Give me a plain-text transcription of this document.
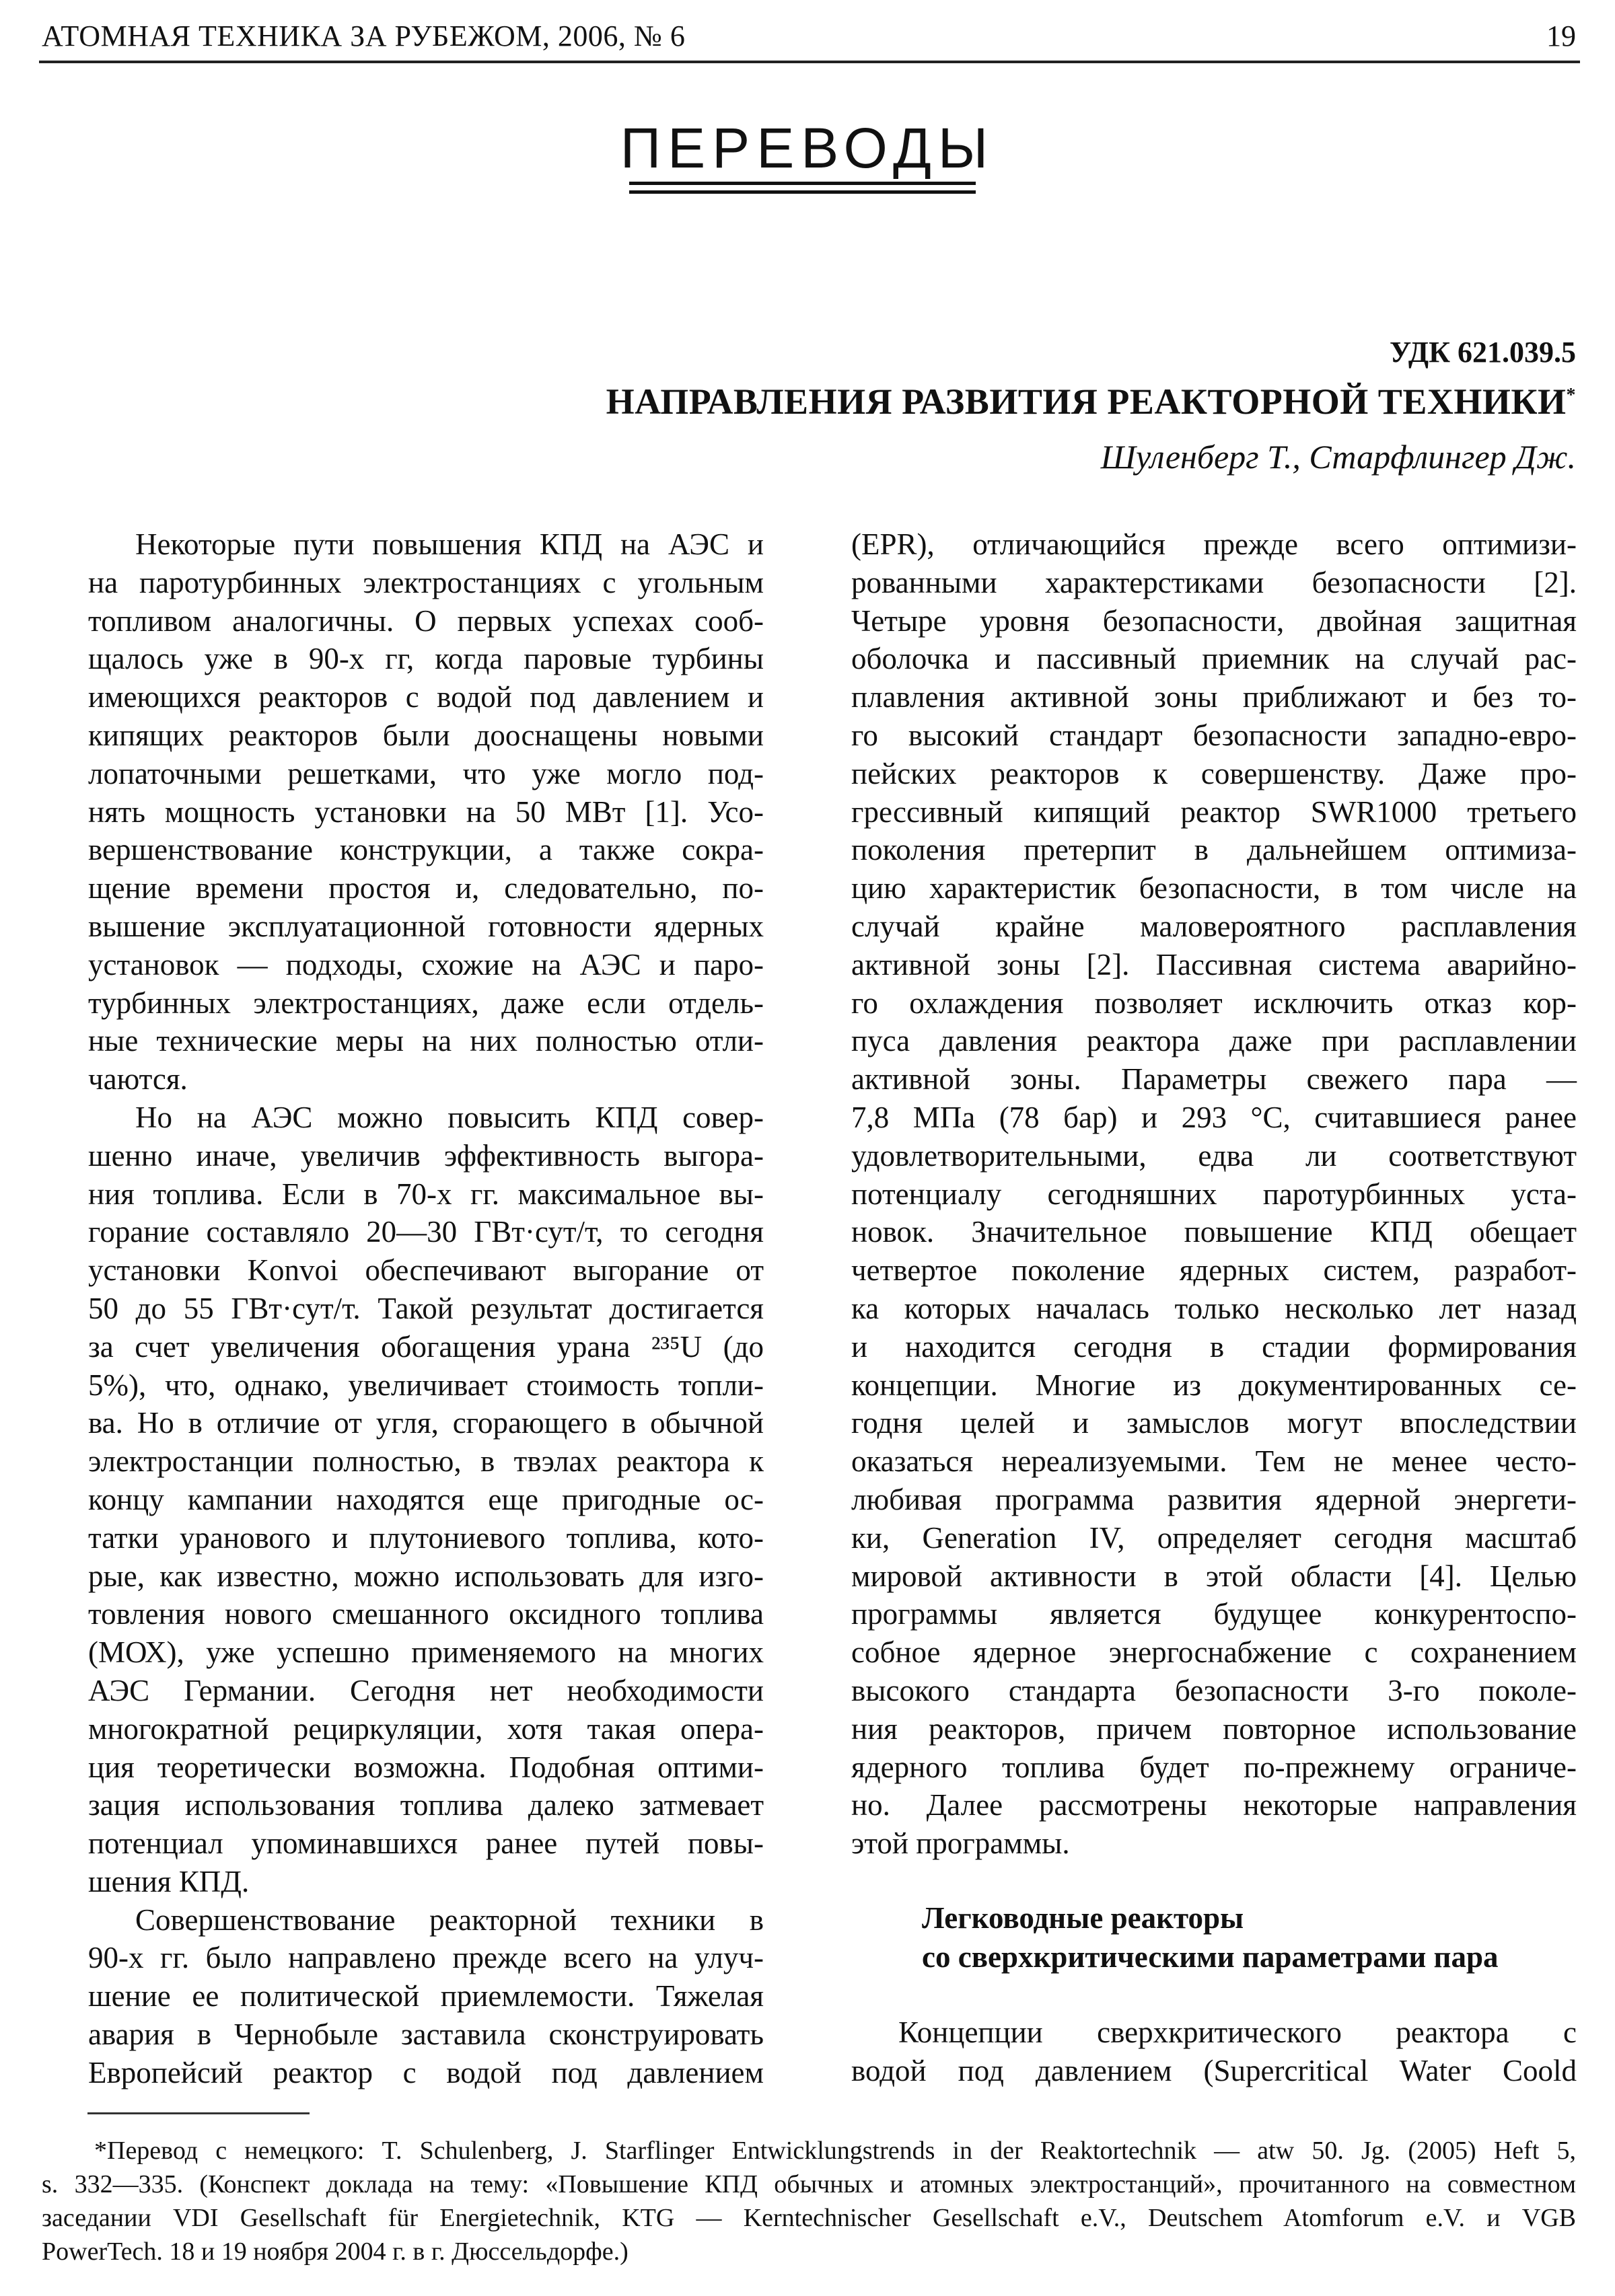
АТОМНАЯ ТЕХНИКА ЗА РУБЕЖОМ, 2006, № 6	19
ПЕРЕВОДЫ
УДК 621.039.5
НАПРАВЛЕНИЯ РАЗВИТИЯ РЕАКТОРНОЙ ТЕХНИКИ*
Шуленберг Т., Старфлингер Дж.
Некоторые пути повышения КПД на АЭС и
на паротурбинных электростанциях с угольным
топливом аналогичны. О первых успехах сооб-
щалось уже в 90-х гг, когда паровые турбины
имеющихся реакторов с водой под давлением и
кипящих реакторов были дооснащены новыми
лопаточными решетками, что уже могло под-
нять мощность установки на 50 МВт [1]. Усо-
вершенствование конструкции, а также сокра-
щение времени простоя и, следовательно, по-
вышение эксплуатационной готовности ядерных
установок — подходы, схожие на АЭС и паро-
турбинных электростанциях, даже если отдель-
ные технические меры на них полностью отли-
чаются.
Но на АЭС можно повысить КПД совер-
шенно иначе, увеличив эффективность выгора-
ния топлива. Если в 70-х гг. максимальное вы-
горание составляло 20—30 ГВт·сут/т, то сегодня
установки Konvoi обеспечивают выгорание от
50 до 55 ГВт·сут/т. Такой результат достигается
за счет увеличения обогащения урана ²³⁵U (до
5%), что, однако, увеличивает стоимость топли-
ва. Но в отличие от угля, сгорающего в обычной
электростанции полностью, в твэлах реактора к
концу кампании находятся еще пригодные ос-
татки уранового и плутониевого топлива, кото-
рые, как известно, можно использовать для изго-
товления нового смешанного оксидного топлива
(МОХ), уже успешно применяемого на многих
АЭС Германии. Сегодня нет необходимости
многократной рециркуляции, хотя такая опера-
ция теоретически возможна. Подобная оптими-
зация использования топлива далеко затмевает
потенциал упоминавшихся ранее путей повы-
шения КПД.
Совершенствование реакторной техники в
90-х гг. было направлено прежде всего на улуч-
шение ее политической приемлемости. Тяжелая
авария в Чернобыле заставила сконструировать
Европейсий реактор с водой под давлением
(EPR), отличающийся прежде всего оптимизи-
рованными характерстиками безопасности [2].
Четыре уровня безопасности, двойная защитная
оболочка и пассивный приемник на случай рас-
плавления активной зоны приближают и без то-
го высокий стандарт безопасности западно-евро-
пейских реакторов к совершенству. Даже про-
грессивный кипящий реактор SWR1000 третьего
поколения претерпит в дальнейшем оптимиза-
цию характеристик безопасности, в том числе на
случай крайне маловероятного расплавления
активной зоны [2]. Пассивная система аварийно-
го охлаждения позволяет исключить отказ кор-
пуса давления реактора даже при расплавлении
активной зоны. Параметры свежего пара —
7,8 МПа (78 бар) и 293 °С, считавшиеся ранее
удовлетворительными, едва ли соответствуют
потенциалу сегодняшних паротурбинных уста-
новок. Значительное повышение КПД обещает
четвертое поколение ядерных систем, разработ-
ка которых началась только несколько лет назад
и находится сегодня в стадии формирования
концепции. Многие из документированных се-
годня целей и замыслов могут впоследствии
оказаться нереализуемыми. Тем не менее често-
любивая программа развития ядерной энергети-
ки, Generation IV, определяет сегодня масштаб
мировой активности в этой области [4]. Целью
программы является будущее конкурентоспо-
собное ядерное энергоснабжение с сохранением
высокого стандарта безопасности 3-го поколе-
ния реакторов, причем повторное использование
ядерного топлива будет по-прежнему ограниче-
но. Далее рассмотрены некоторые направления
этой программы.
Легководные реакторы
со сверхкритическими параметрами пара
Концепции сверхкритического реактора с
водой под давлением (Supercritical Water Coold
*Перевод с немецкого: T. Schulenberg, J. Starflinger Entwicklungstrends in der Reaktortechnik — atw 50. Jg. (2005) Heft 5,
s. 332—335. (Конспект доклада на тему: «Повышение КПД обычных и атомных электростанций», прочитанного на совместном
заседании VDI Gesellschaft für Energietechnik, KTG — Kerntechnischer Gesellschaft e.V., Deutschem Atomforum e.V. и VGB
PowerTech. 18 и 19 ноября 2004 г. в г. Дюссельдорфе.)
